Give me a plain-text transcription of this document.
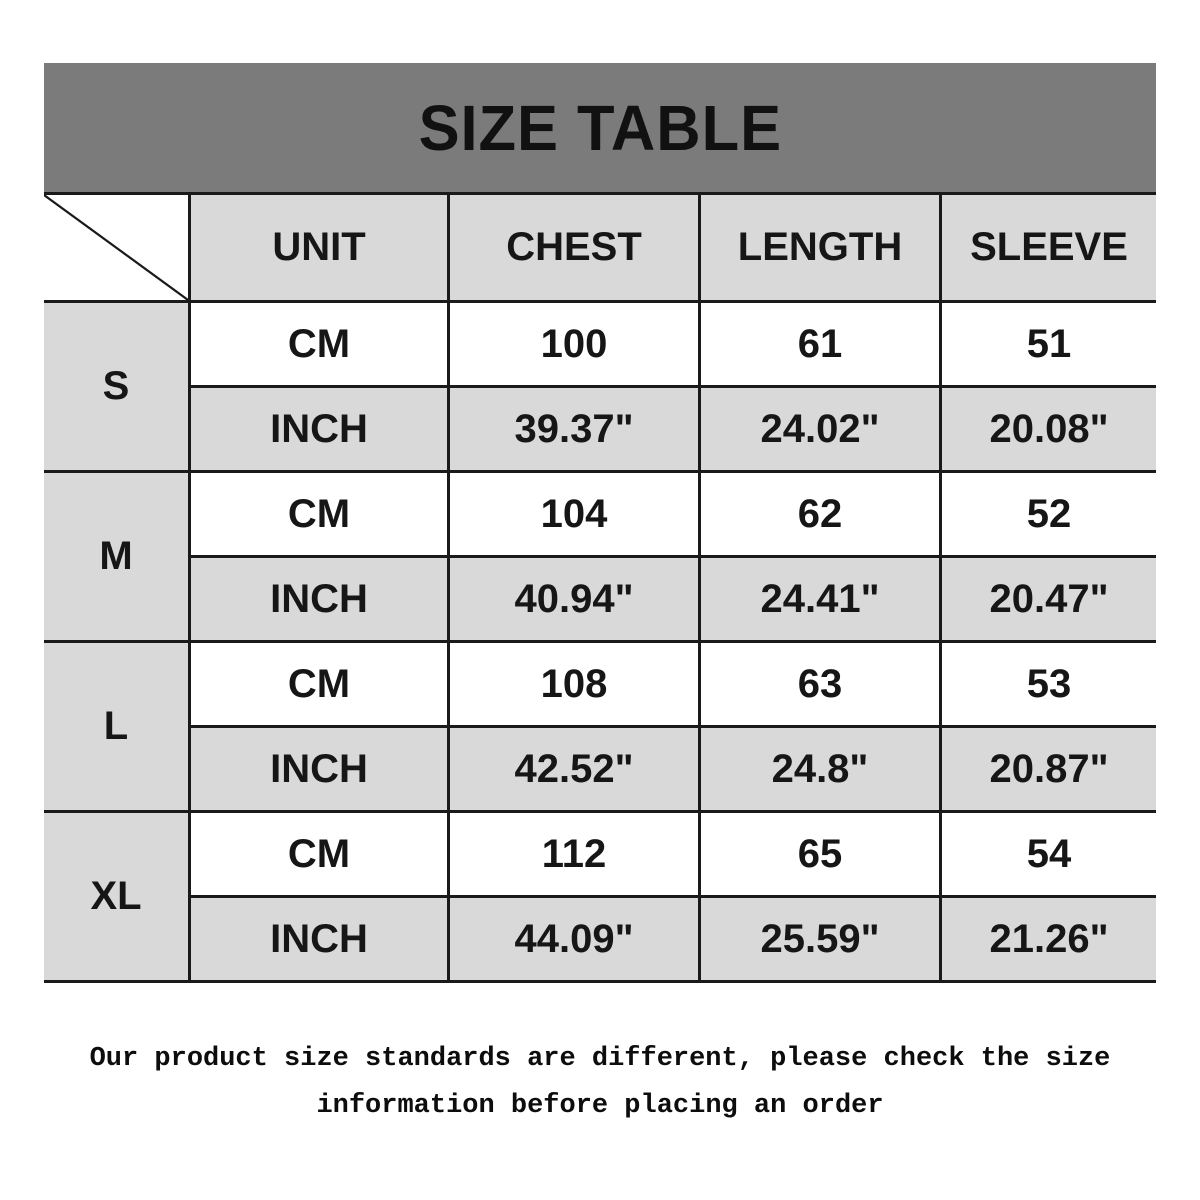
SIZE TABLE
UNIT	CHEST	LENGTH	SLEEVE
S
CM	100	61	51
INCH	39.37"	24.02"	20.08"
M
CM	104	62	52
INCH	40.94"	24.41"	20.47"
L
CM	108	63	53
INCH	42.52"	24.8"	20.87"
XL
CM	112	65	54
INCH	44.09"	25.59"	21.26"
Our product size standards are different, please check the size
information before placing an order
